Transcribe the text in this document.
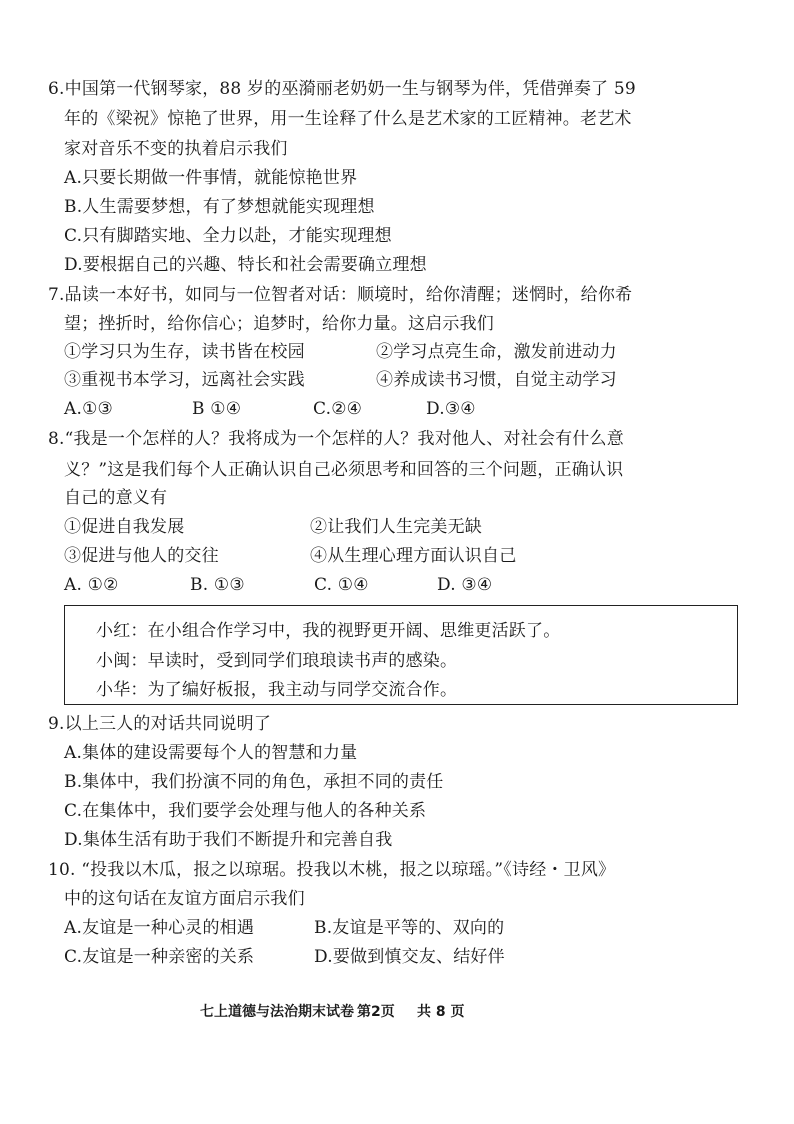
6.中国第一代钢琴家，88 岁的巫漪丽老奶奶一生与钢琴为伴，凭借弹奏了 59
年的《梁祝》惊艳了世界，用一生诠释了什么是艺术家的工匠精神。老艺术
家对音乐不变的执着启示我们
A.只要长期做一件事情，就能惊艳世界
B.人生需要梦想，有了梦想就能实现理想
C.只有脚踏实地、全力以赴，才能实现理想
D.要根据自己的兴趣、特长和社会需要确立理想
7.品读一本好书，如同与一位智者对话：顺境时，给你清醒；迷惘时，给你希
望；挫折时，给你信心；追梦时，给你力量。这启示我们
①学习只为生存，读书皆在校园	②学习点亮生命，激发前进动力
③重视书本学习，远离社会实践	④养成读书习惯，自觉主动学习
A.①③	B ①④	C.②④	D.③④
8.“我是一个怎样的人？我将成为一个怎样的人？我对他人、对社会有什么意
义？”这是我们每个人正确认识自己必须思考和回答的三个问题，正确认识
自己的意义有
①促进自我发展	②让我们人生完美无缺
③促进与他人的交往	④从生理心理方面认识自己
A. ①②	B. ①③	C. ①④	D. ③④
小红：在小组合作学习中，我的视野更开阔、思维更活跃了。
小闽：早读时，受到同学们琅琅读书声的感染。
小华：为了编好板报，我主动与同学交流合作。
9.以上三人的对话共同说明了
A.集体的建设需要每个人的智慧和力量
B.集体中，我们扮演不同的角色，承担不同的责任
C.在集体中，我们要学会处理与他人的各种关系
D.集体生活有助于我们不断提升和完善自我
10. “投我以木瓜，报之以琼琚。投我以木桃，报之以琼瑶。”《诗经・卫风》
中的这句话在友谊方面启示我们
A.友谊是一种心灵的相遇	B.友谊是平等的、双向的
C.友谊是一种亲密的关系	D.要做到慎交友、结好伴
七上道德与法治期末试卷 第2页 共 8 页
